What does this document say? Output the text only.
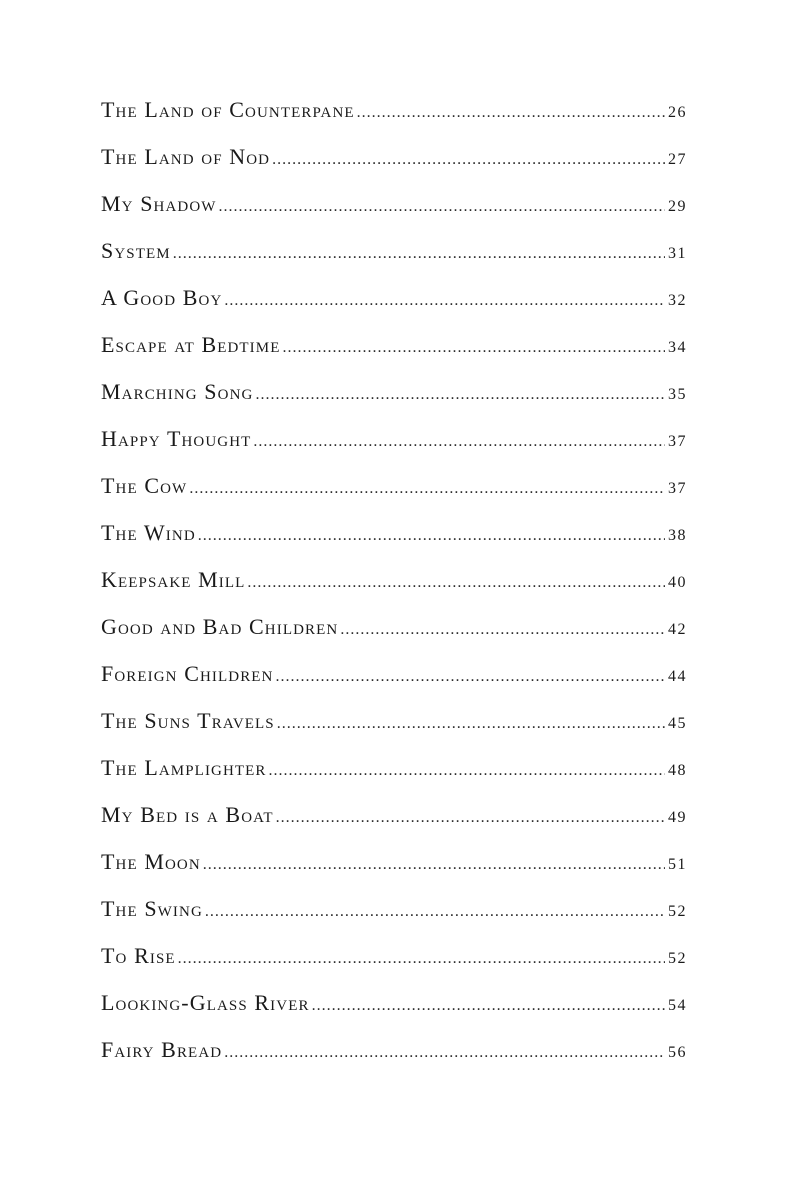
The Land of Counterpane . . .	26
The Land of Nod . . .	27
My Shadow . . .	29
System . . .	31
A Good Boy . . .	32
Escape at Bedtime . . .	34
Marching Song . . .	35
Happy Thought . . .	37
The Cow . . .	37
The Wind . . .	38
Keepsake Mill . . .	40
Good and Bad Children . . .	42
Foreign Children . . .	44
The Suns Travels . . .	45
The Lamplighter . . .	48
My Bed is a Boat . . .	49
The Moon . . .	51
The Swing . . .	52
To Rise . . .	52
Looking-Glass River . . .	54
Fairy Bread . . .	56
